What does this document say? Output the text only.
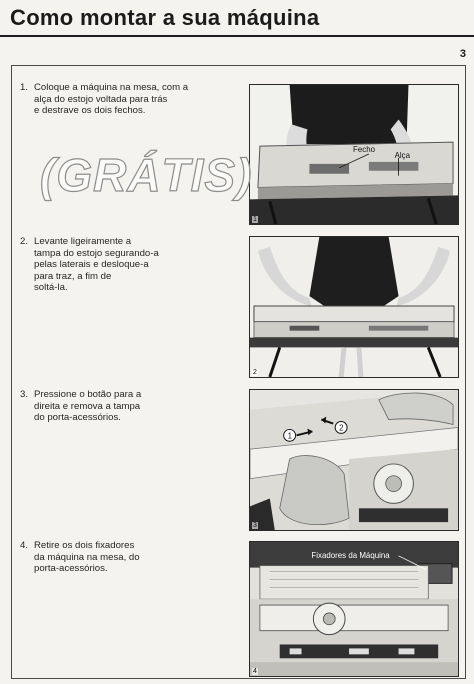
Como montar a sua máquina
3
1. Coloque a máquina na mesa, com a
alça do estojo voltada para trás
e destrave os dois fechos.
Fecho
Alça
1
2. Levante ligeiramente a
tampa do estojo segurando-a
pelas laterais e desloque-a
para traz, a fim de
soltá-la.
2
3. Pressione o botão para a
direita e remova a tampa
do porta-acessórios.
1
2
3
4. Retire os dois fixadores
da máquina na mesa, do
porta-acessórios.
Fixadores da Máquina
4
(GRÁTIS)
